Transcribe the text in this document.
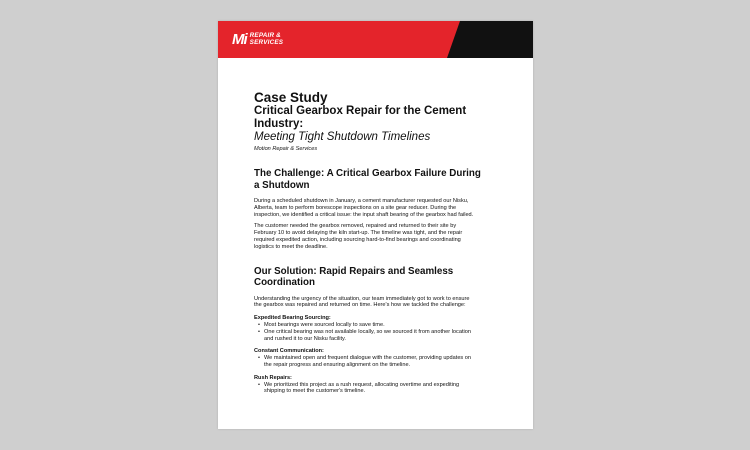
Mi REPAIR &
SERVICES
Case Study
Critical Gearbox Repair for the Cement Industry:
Meeting Tight Shutdown Timelines
Motion Repair & Services
The Challenge: A Critical Gearbox Failure During
a Shutdown

During a scheduled shutdown in January, a cement manufacturer requested our Nisku,
Alberta, team to perform borescope inspections on a site gear reducer. During the
inspection, we identified a critical issue: the input shaft bearing of the gearbox had failed.

The customer needed the gearbox removed, repaired and returned to their site by
February 10 to avoid delaying the kiln start-up. The timeline was tight, and the repair
required expedited action, including sourcing hard-to-find bearings and coordinating
logistics to meet the deadline.

Our Solution: Rapid Repairs and Seamless
Coordination

Understanding the urgency of the situation, our team immediately got to work to ensure
the gearbox was repaired and returned on time. Here's how we tackled the challenge:

Expedited Bearing Sourcing:
• Most bearings were sourced locally to save time.
• One critical bearing was not available locally, so we sourced it from another location
and rushed it to our Nisku facility.
Constant Communication:
• We maintained open and frequent dialogue with the customer, providing updates on
the repair progress and ensuring alignment on the timeline.
Rush Repairs:
• We prioritized this project as a rush request, allocating overtime and expediting
shipping to meet the customer's timeline.
